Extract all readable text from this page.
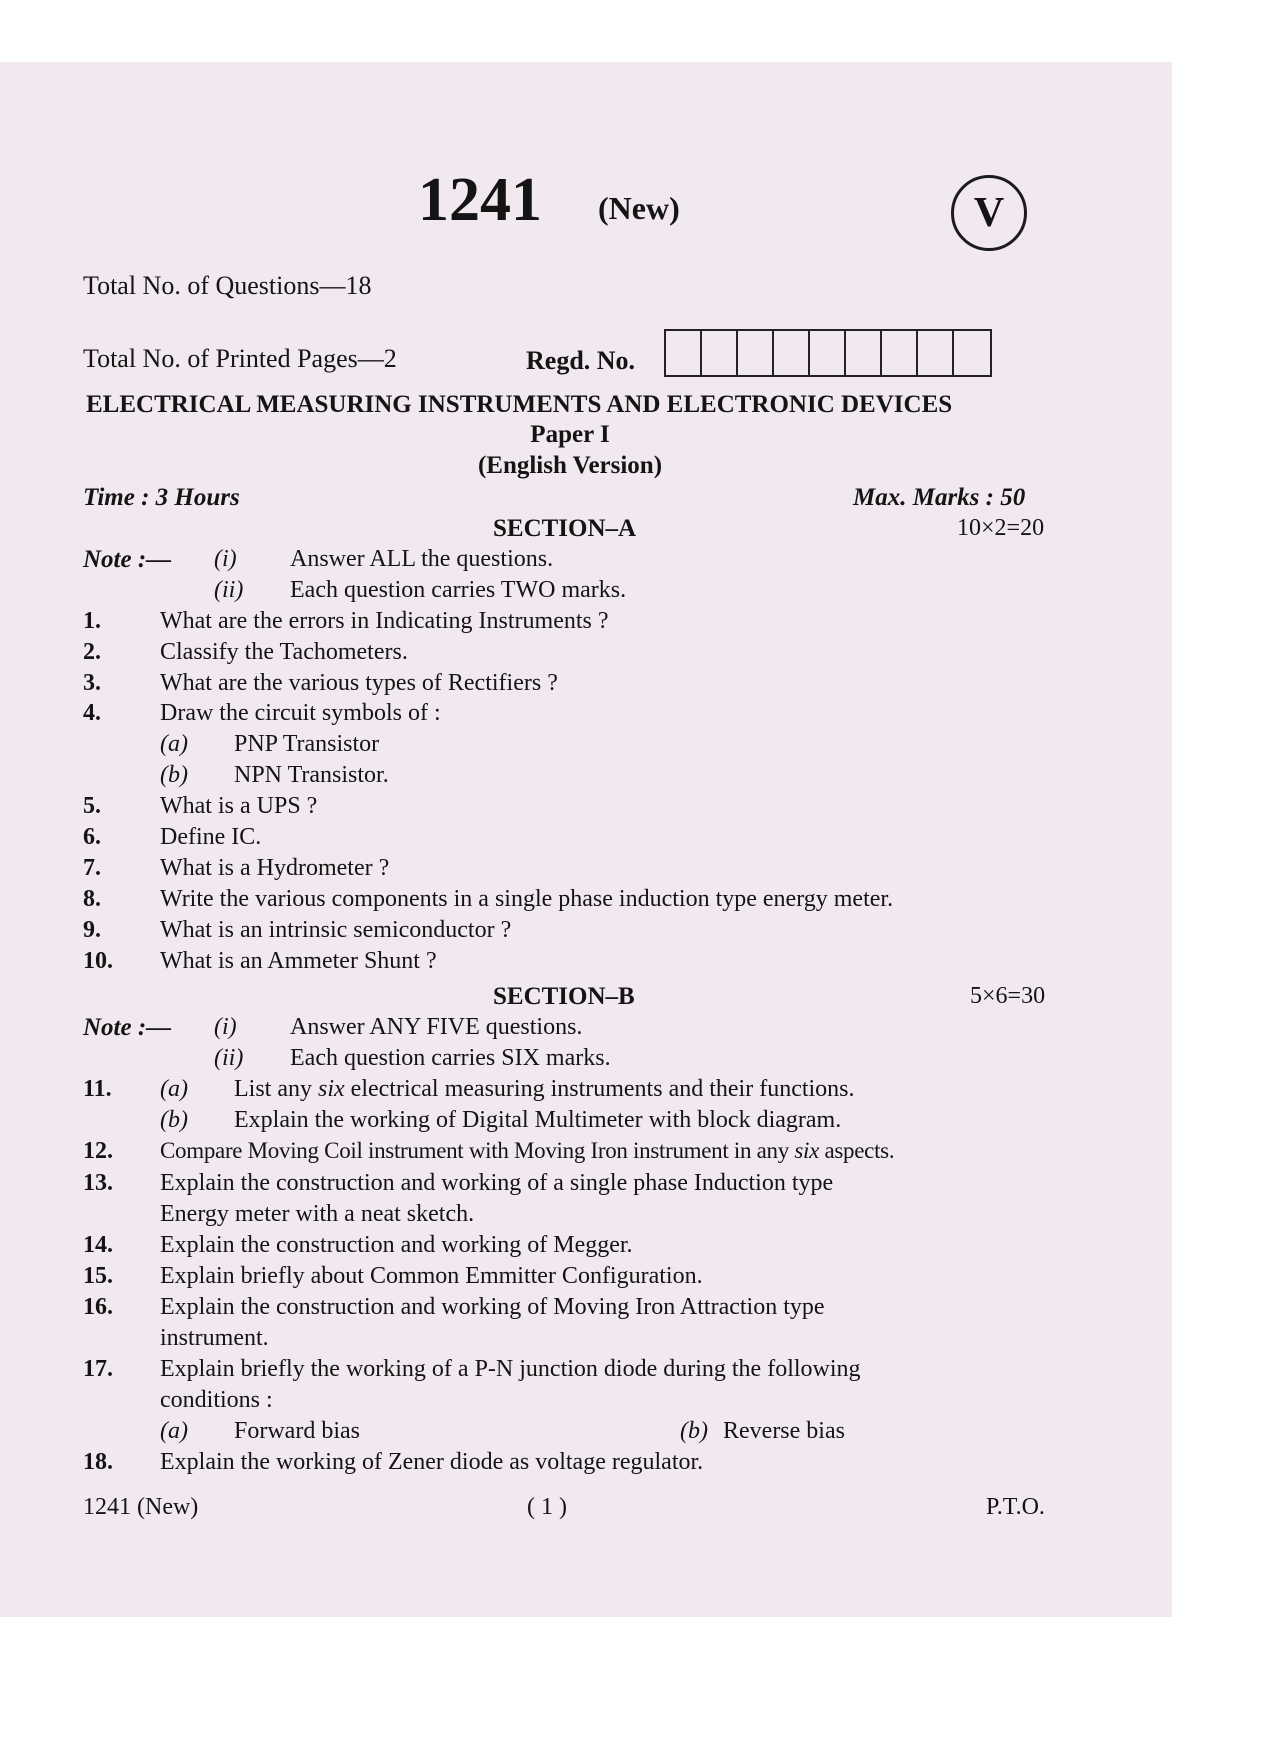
1241 (New)	V
Total No. of Questions—18
Total No. of Printed Pages—2	Regd. No.
ELECTRICAL MEASURING INSTRUMENTS AND ELECTRONIC DEVICES
Paper I
(English Version)
Time : 3 Hours	Max. Marks : 50
SECTION–A	10×2=20
Note :— (i) Answer ALL the questions.
(ii) Each question carries TWO marks.
1. What are the errors in Indicating Instruments ?
2. Classify the Tachometers.
3. What are the various types of Rectifiers ?
4. Draw the circuit symbols of :
(a) PNP Transistor
(b) NPN Transistor.
5. What is a UPS ?
6. Define IC.
7. What is a Hydrometer ?
8. Write the various components in a single phase induction type energy meter.
9. What is an intrinsic semiconductor ?
10. What is an Ammeter Shunt ?
SECTION–B	5×6=30
Note :— (i) Answer ANY FIVE questions.
(ii) Each question carries SIX marks.
11. (a) List any six electrical measuring instruments and their functions.
(b) Explain the working of Digital Multimeter with block diagram.
12. Compare Moving Coil instrument with Moving Iron instrument in any six aspects.
13. Explain the construction and working of a single phase Induction type
Energy meter with a neat sketch.
14. Explain the construction and working of Megger.
15. Explain briefly about Common Emmitter Configuration.
16. Explain the construction and working of Moving Iron Attraction type
instrument.
17. Explain briefly the working of a P-N junction diode during the following
conditions :
(a) Forward bias	(b) Reverse bias
18. Explain the working of Zener diode as voltage regulator.
1241 (New)	( 1 )	P.T.O.
